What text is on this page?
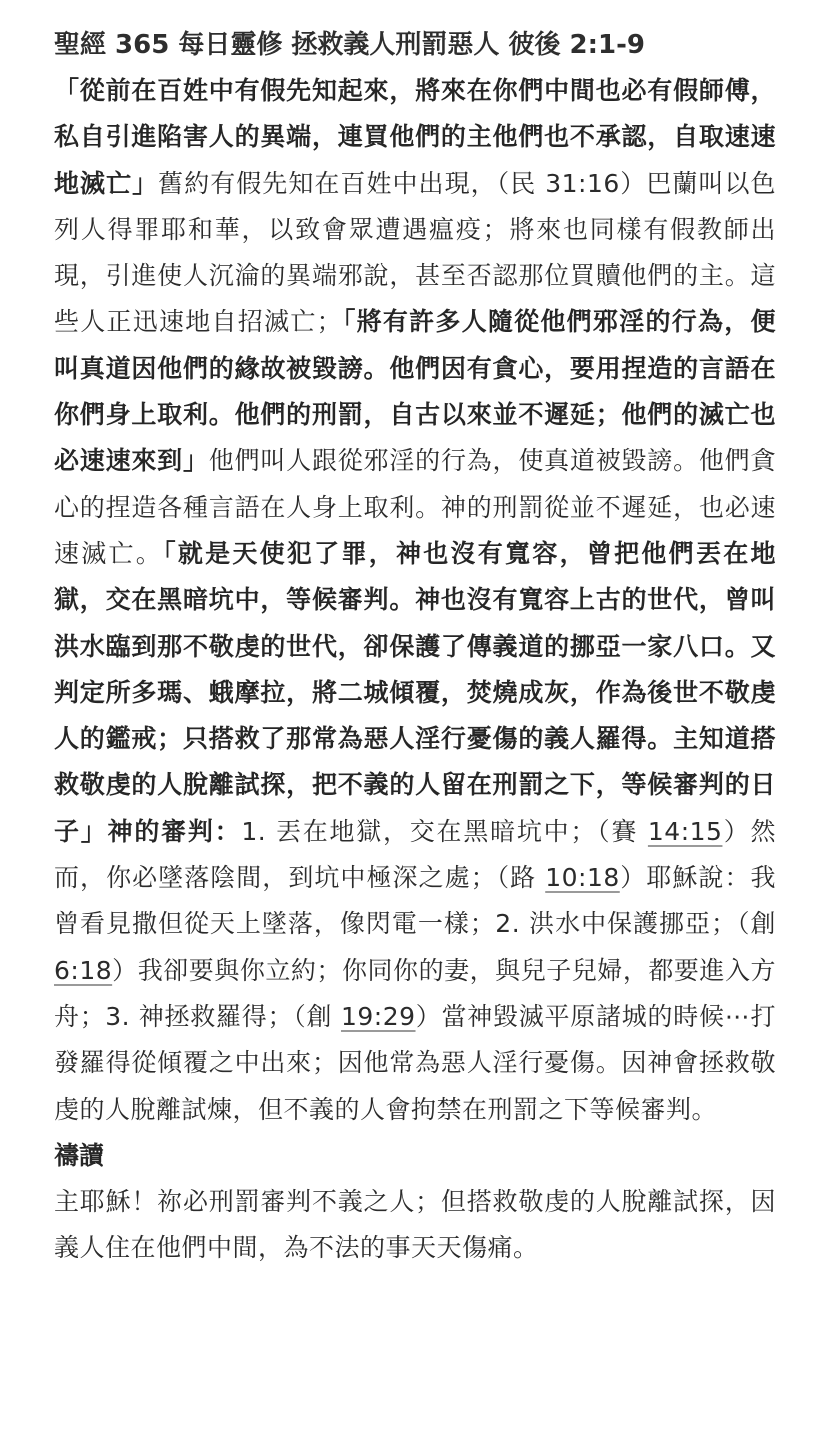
聖經 365 每日靈修 拯救義人刑罰惡人 彼後 2:1-9

「從前在百姓中有假先知起來，將來在你們中間也必有假師傅，私自引進陷害人的異端，連買他們的主他們也不承認，自取速速地滅亡」舊約有假先知在百姓中出現，（民 31:16）巴蘭叫以色列人得罪耶和華，以致會眾遭遇瘟疫；將來也同樣有假教師出現，引進使人沉淪的異端邪說，甚至否認那位買贖他們的主。這些人正迅速地自招滅亡；「將有許多人隨從他們邪淫的行為，便叫真道因他們的緣故被毀謗。他們因有貪心，要用捏造的言語在你們身上取利。他們的刑罰，自古以來並不遲延；他們的滅亡也必速速來到」他們叫人跟從邪淫的行為，使真道被毀謗。他們貪心的捏造各種言語在人身上取利。神的刑罰從並不遲延，也必速速滅亡。「就是天使犯了罪，神也沒有寬容，曾把他們丟在地獄，交在黑暗坑中，等候審判。神也沒有寬容上古的世代，曾叫洪水臨到那不敬虔的世代，卻保護了傳義道的挪亞一家八口。又判定所多瑪、蛾摩拉，將二城傾覆，焚燒成灰，作為後世不敬虔人的鑑戒；只搭救了那常為惡人淫行憂傷的義人羅得。主知道搭救敬虔的人脫離試探，把不義的人留在刑罰之下，等候審判的日子」神的審判：1. 丟在地獄，交在黑暗坑中；（賽 14:15）然而，你必墜落陰間，到坑中極深之處；（路 10:18）耶穌說：我曾看見撒但從天上墜落，像閃電一樣；2. 洪水中保護挪亞；（創 6:18）我卻要與你立約；你同你的妻，與兒子兒婦，都要進入方舟；3. 神拯救羅得；（創 19:29）當神毀滅平原諸城的時候⋯打發羅得從傾覆之中出來；因他常為惡人淫行憂傷。因神會拯救敬虔的人脫離試煉，但不義的人會拘禁在刑罰之下等候審判。

禱讀

主耶穌！祢必刑罰審判不義之人；但搭救敬虔的人脫離試探，因義人住在他們中間，為不法的事天天傷痛。
